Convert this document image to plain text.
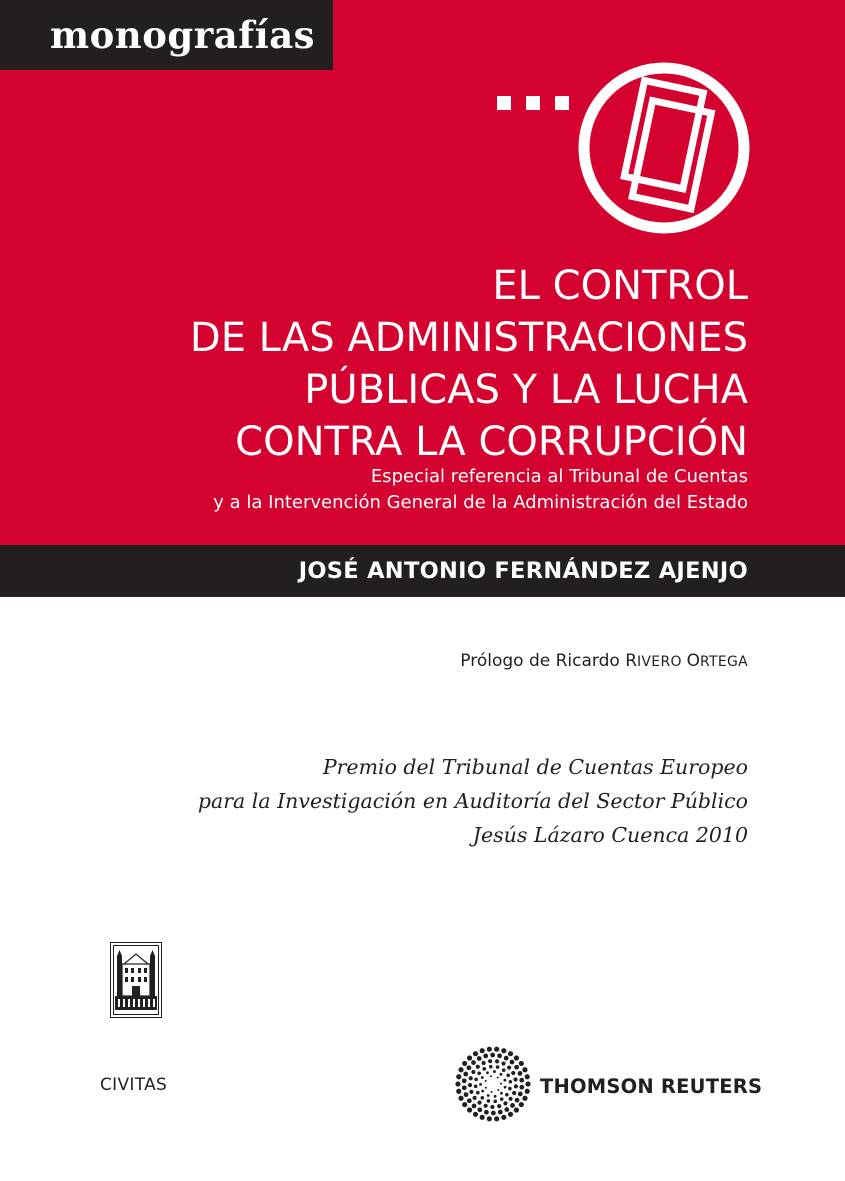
monografías
EL CONTROL
DE LAS ADMINISTRACIONES
PÚBLICAS Y LA LUCHA
CONTRA LA CORRUPCIÓN

Especial referencia al Tribunal de Cuentas
y a la Intervención General de la Administración del Estado

JOSÉ ANTONIO FERNÁNDEZ AJENJO
Prólogo de Ricardo RIVERO ORTEGA
Premio del Tribunal de Cuentas Europeo
para la Investigación en Auditoría del Sector Público
Jesús Lázaro Cuenca 2010
CIVITAS	THOMSON REUTERS
